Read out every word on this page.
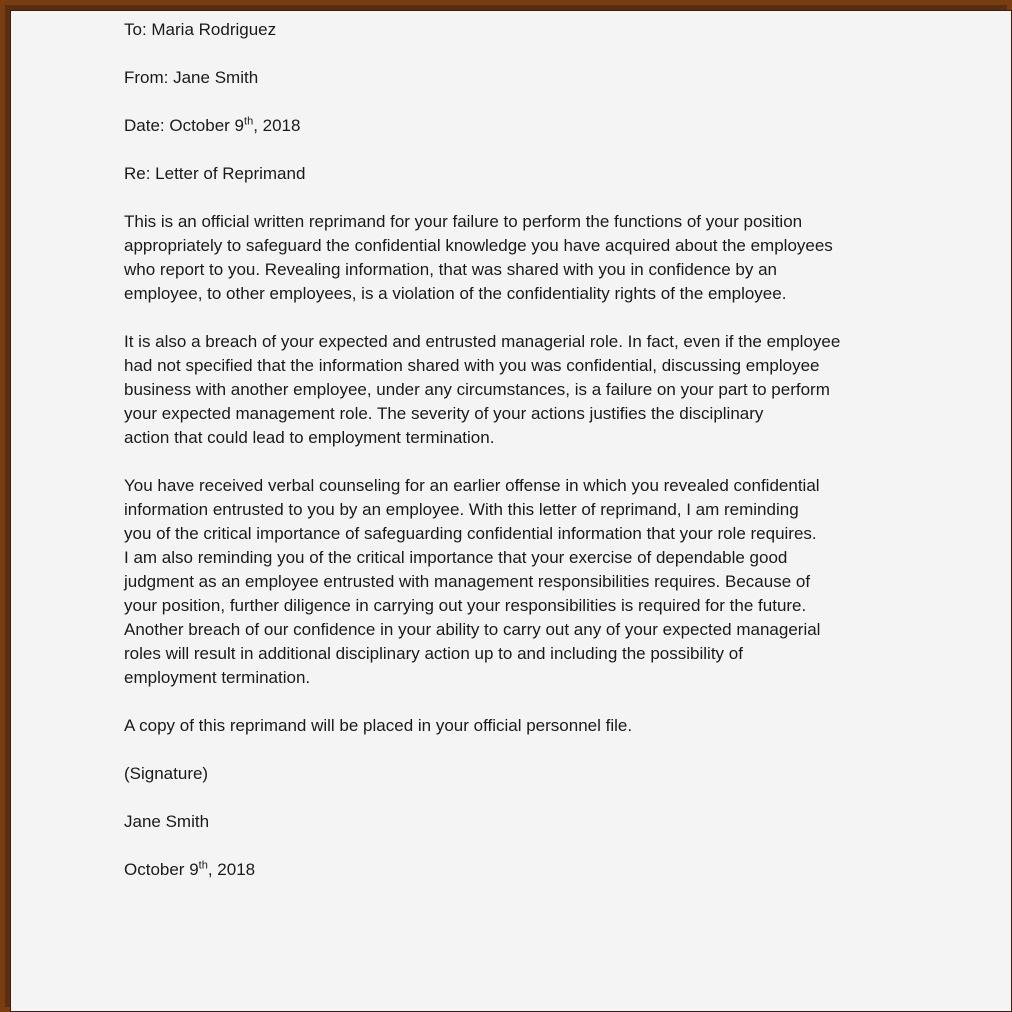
To: Maria Rodriguez
From: Jane Smith
Date: October 9th, 2018
Re: Letter of Reprimand
This is an official written reprimand for your failure to perform the functions of your position
appropriately to safeguard the confidential knowledge you have acquired about the employees
who report to you. Revealing information, that was shared with you in confidence by an
employee, to other employees, is a violation of the confidentiality rights of the employee.
It is also a breach of your expected and entrusted managerial role. In fact, even if the employee
had not specified that the information shared with you was confidential, discussing employee
business with another employee, under any circumstances, is a failure on your part to perform
your expected management role. The severity of your actions justifies the disciplinary
action that could lead to employment termination.
You have received verbal counseling for an earlier offense in which you revealed confidential
information entrusted to you by an employee. With this letter of reprimand, I am reminding
you of the critical importance of safeguarding confidential information that your role requires.
I am also reminding you of the critical importance that your exercise of dependable good
judgment as an employee entrusted with management responsibilities requires. Because of
your position, further diligence in carrying out your responsibilities is required for the future.
Another breach of our confidence in your ability to carry out any of your expected managerial
roles will result in additional disciplinary action up to and including the possibility of
employment termination.
A copy of this reprimand will be placed in your official personnel file.
(Signature)
Jane Smith
October 9th, 2018
